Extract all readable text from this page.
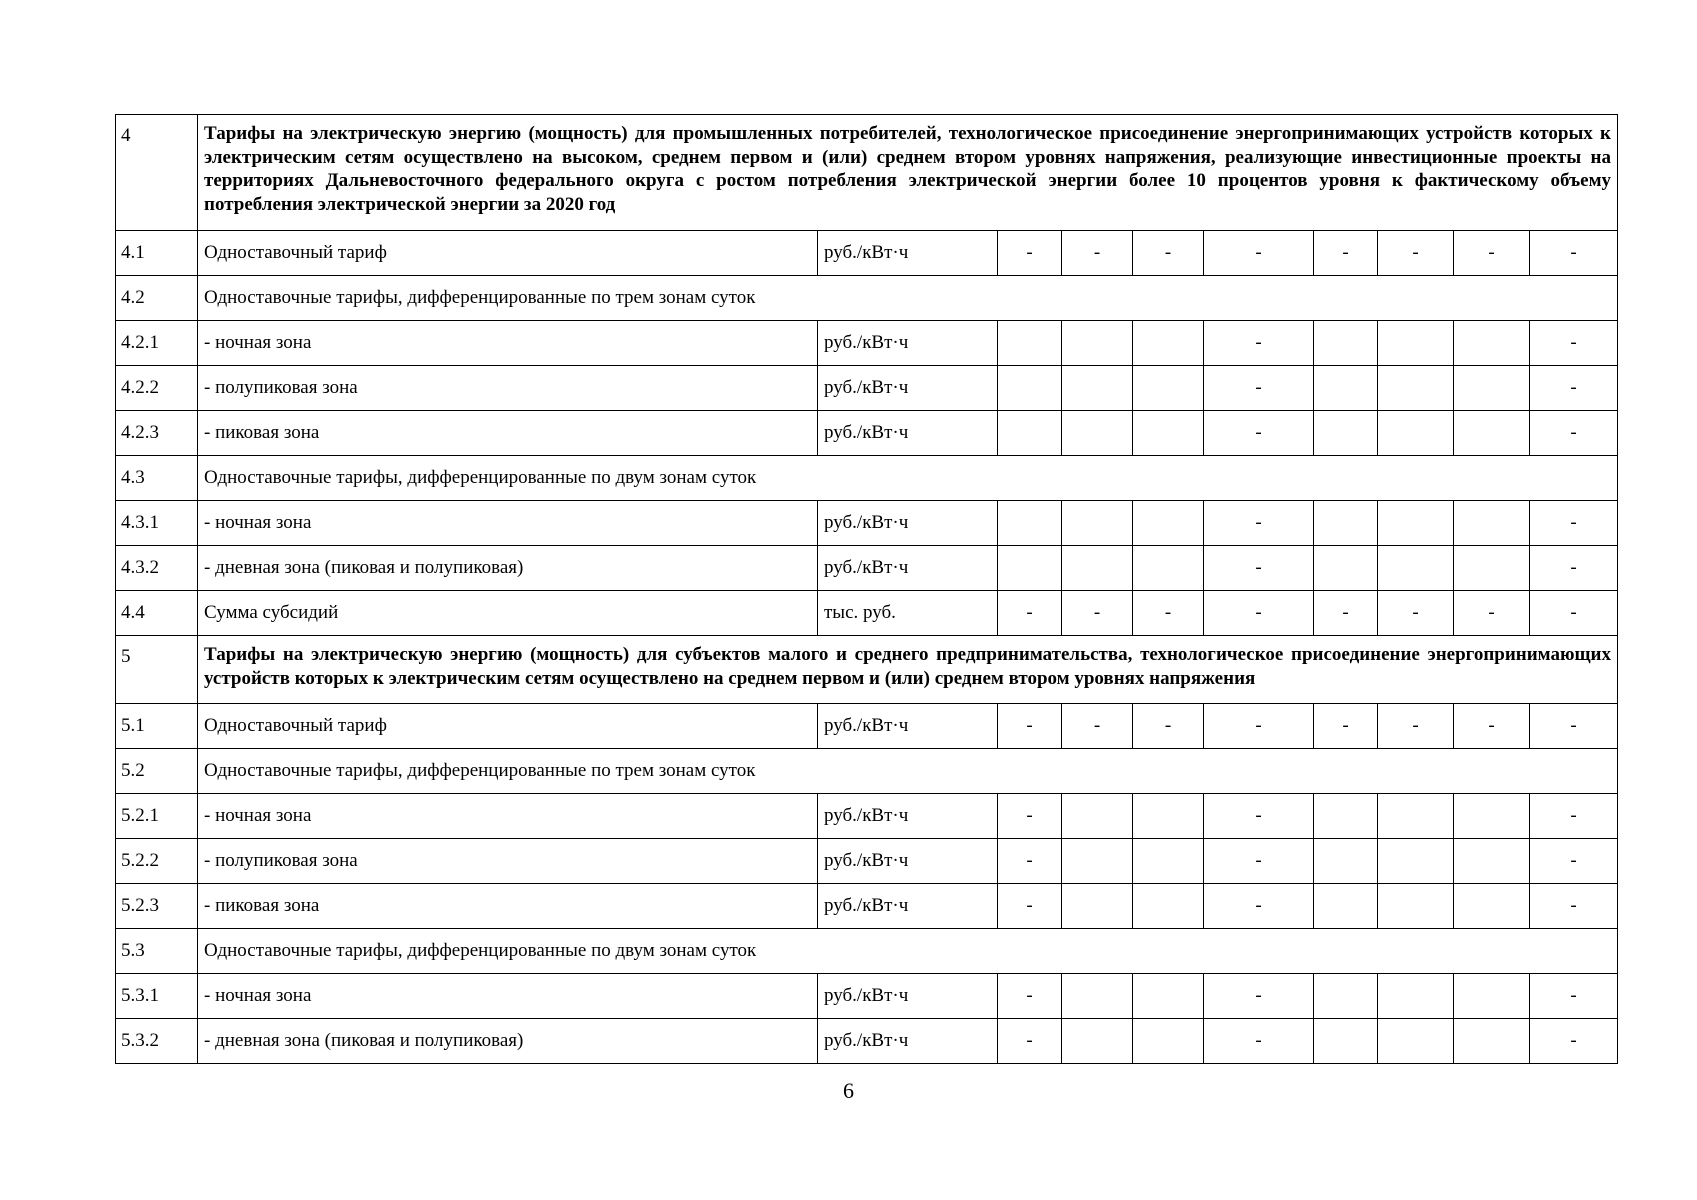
4	Тарифы на электрическую энергию (мощность) для промышленных потребителей, технологическое присоединение энергопринимающих устройств которых к электрическим сетям осуществлено на высоком, среднем первом и (или) среднем втором уровнях напряжения, реализующие инвестиционные проекты на территориях Дальневосточного федерального округа с ростом потребления электрической энергии более 10 процентов уровня к фактическому объему потребления электрической энергии за 2020 год									
4.1	Одноставочный тариф	руб./кВт·ч	-	-	-	-	-	-	-	-
4.2	Одноставочные тарифы, дифференцированные по трем зонам суток									
4.2.1	- ночная зона	руб./кВт·ч				-				-
4.2.2	- полупиковая зона	руб./кВт·ч				-				-
4.2.3	- пиковая зона	руб./кВт·ч				-				-
4.3	Одноставочные тарифы, дифференцированные по двум зонам суток									
4.3.1	- ночная зона	руб./кВт·ч				-				-
4.3.2	- дневная зона (пиковая и полупиковая)	руб./кВт·ч				-				-
4.4	Сумма субсидий	тыс. руб.	-	-	-	-	-	-	-	-
5	Тарифы на электрическую энергию (мощность) для субъектов малого и среднего предпринимательства, технологическое присоединение энергопринимающих устройств которых к электрическим сетям осуществлено на среднем первом и (или) среднем втором уровнях напряжения									
5.1	Одноставочный тариф	руб./кВт·ч	-	-	-	-	-	-	-	-
5.2	Одноставочные тарифы, дифференцированные по трем зонам суток									
5.2.1	- ночная зона	руб./кВт·ч	-			-				-
5.2.2	- полупиковая зона	руб./кВт·ч	-			-				-
5.2.3	- пиковая зона	руб./кВт·ч	-			-				-
5.3	Одноставочные тарифы, дифференцированные по двум зонам суток									
5.3.1	- ночная зона	руб./кВт·ч	-			-				-
5.3.2	- дневная зона (пиковая и полупиковая)	руб./кВт·ч	-			-				-
6
